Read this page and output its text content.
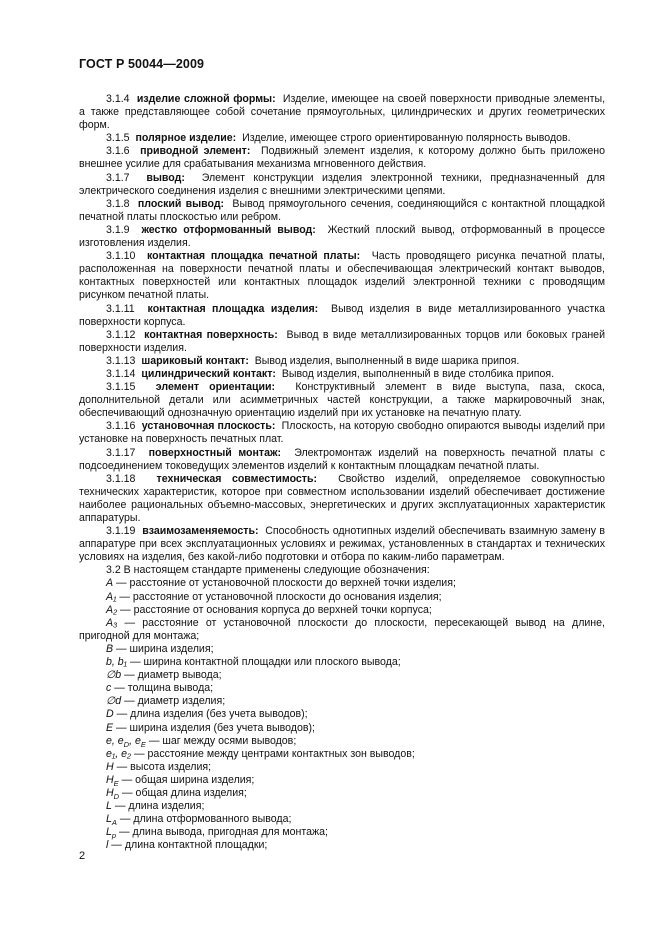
ГОСТ Р 50044—2009

3.1.4 изделие сложной формы: Изделие, имеющее на своей поверхности приводные элементы, а также представляющее собой сочетание прямоугольных, цилиндрических и других геометрических форм.

3.1.5 полярное изделие: Изделие, имеющее строго ориентированную полярность выводов.

3.1.6 приводной элемент: Подвижный элемент изделия, к которому должно быть приложено внешнее усилие для срабатывания механизма мгновенного действия.

3.1.7 вывод: Элемент конструкции изделия электронной техники, предназначенный для электрического соединения изделия с внешними электрическими цепями.

3.1.8 плоский вывод: Вывод прямоугольного сечения, соединяющийся с контактной площадкой печатной платы плоскостью или ребром.

3.1.9 жестко отформованный вывод: Жесткий плоский вывод, отформованный в процессе изготовления изделия.

3.1.10 контактная площадка печатной платы: Часть проводящего рисунка печатной платы, расположенная на поверхности печатной платы и обеспечивающая электрический контакт выводов, контактных поверхностей или контактных площадок изделий электронной техники с проводящим рисунком печатной платы.

3.1.11 контактная площадка изделия: Вывод изделия в виде металлизированного участка поверхности корпуса.

3.1.12 контактная поверхность: Вывод в виде металлизированных торцов или боковых граней поверхности изделия.

3.1.13 шариковый контакт: Вывод изделия, выполненный в виде шарика припоя.

3.1.14 цилиндрический контакт: Вывод изделия, выполненный в виде столбика припоя.

3.1.15 элемент ориентации: Конструктивный элемент в виде выступа, паза, скоса, дополнительной детали или асимметричных частей конструкции, а также маркировочный знак, обеспечивающий однозначную ориентацию изделий при их установке на печатную плату.

3.1.16 установочная плоскость: Плоскость, на которую свободно опираются выводы изделий при установке на поверхность печатных плат.

3.1.17 поверхностный монтаж: Электромонтаж изделий на поверхность печатной платы с подсоединением токоведущих элементов изделий к контактным площадкам печатной платы.

3.1.18 техническая совместимость: Свойство изделий, определяемое совокупностью технических характеристик, которое при совместном использовании изделий обеспечивает достижение наиболее рациональных объемно-массовых, энергетических и других эксплуатационных характеристик аппаратуры.

3.1.19 взаимозаменяемость: Способность однотипных изделий обеспечивать взаимную замену в аппаратуре при всех эксплуатационных условиях и режимах, установленных в стандартах и технических условиях на изделия, без какой-либо подготовки и отбора по каким-либо параметрам.

3.2 В настоящем стандарте применены следующие обозначения:

A — расстояние от установочной плоскости до верхней точки изделия;

A₁ — расстояние от установочной плоскости до основания изделия;

A₂ — расстояние от основания корпуса до верхней точки корпуса;

A₃ — расстояние от установочной плоскости до плоскости, пересекающей вывод на длине, пригодной для монтажа;

B — ширина изделия;

b, b₁ — ширина контактной площадки или плоского вывода;

∅b — диаметр вывода;

c — толщина вывода;

∅d — диаметр изделия;

D — длина изделия (без учета выводов);

E — ширина изделия (без учета выводов);

e, $e_D$, $e_E$ — шаг между осями выводов;

e₁, e₂ — расстояние между центрами контактных зон выводов;

H — высота изделия;

$H_E$ — общая ширина изделия;

$H_D$ — общая длина изделия;

L — длина изделия;

$L_A$ — длина отформованного вывода;

$L_p$ — длина вывода, пригодная для монтажа;

l — длина контактной площадки;

2
